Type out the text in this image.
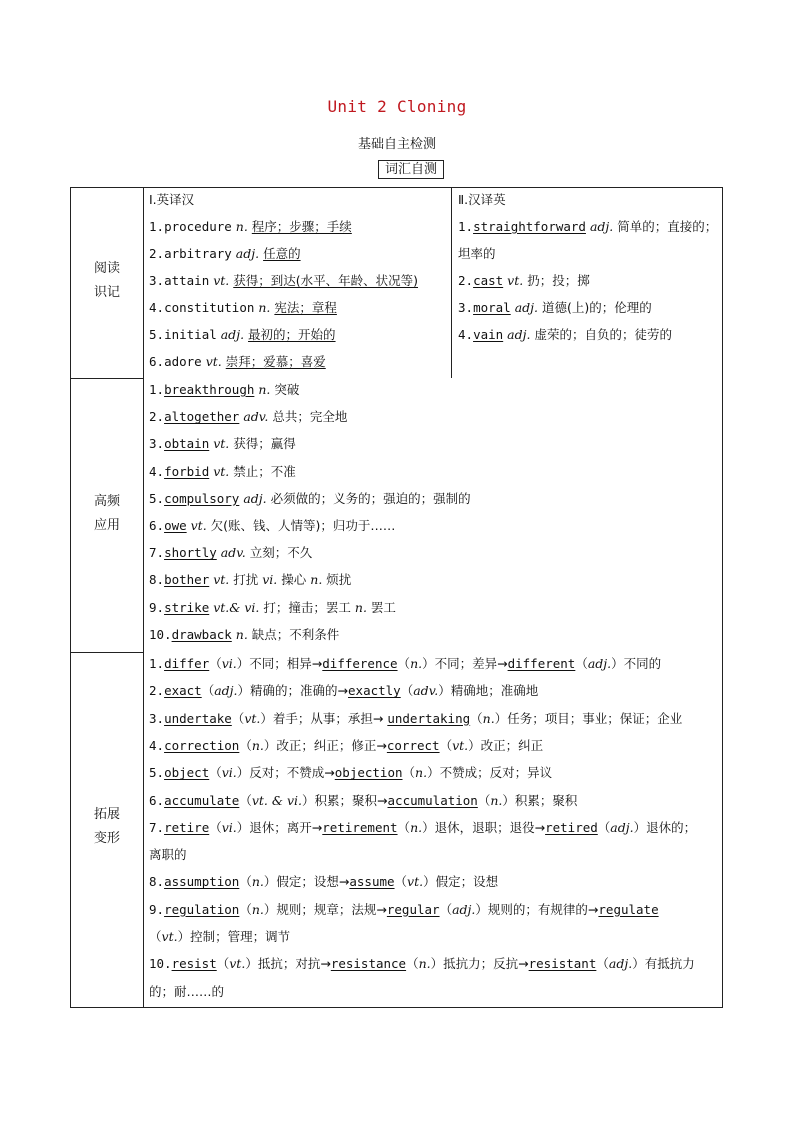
Unit 2 Cloning
基础自主检测
词汇自测
阅读
识记
高频
应用
拓展
变形
Ⅰ.英译汉	Ⅱ.汉译英
1.procedure n. 程序；步骤；手续
2.arbitrary adj. 任意的
3.attain vt. 获得；到达(水平、年龄、状况等)
4.constitution n. 宪法；章程
5.initial adj. 最初的；开始的
6.adore vt. 崇拜；爱慕；喜爱
1.straightforward adj. 简单的；直接的；
坦率的
2.cast vt. 扔；投；掷
3.moral adj. 道德(上)的；伦理的
4.vain adj. 虚荣的；自负的；徒劳的
1.breakthrough n. 突破
2.altogether adv. 总共；完全地
3.obtain vt. 获得；赢得
4.forbid vt. 禁止；不准
5.compulsory adj. 必须做的；义务的；强迫的；强制的
6.owe vt. 欠(账、钱、人情等)；归功于……
7.shortly adv. 立刻；不久
8.bother vt. 打扰 vi. 操心 n. 烦扰
9.strike vt.& vi. 打；撞击；罢工 n. 罢工
10.drawback n. 缺点；不利条件
1.differ（vi.）不同；相异→difference（n.）不同；差异→different（adj.）不同的
2.exact（adj.）精确的；准确的→exactly（adv.）精确地；准确地
3.undertake（vt.）着手；从事；承担→ undertaking（n.）任务；项目；事业；保证；企业
4.correction（n.）改正；纠正；修正→correct（vt.）改正；纠正
5.object（vi.）反对；不赞成→objection（n.）不赞成；反对；异议
6.accumulate（vt. & vi.）积累；聚积→accumulation（n.）积累；聚积
7.retire（vi.）退休；离开→retirement（n.）退休，退职；退役→retired（adj.）退休的；
离职的
8.assumption（n.）假定；设想→assume（vt.）假定；设想
9.regulation（n.）规则；规章；法规→regular（adj.）规则的；有规律的→regulate
（vt.）控制；管理；调节
10.resist（vt.）抵抗；对抗→resistance（n.）抵抗力；反抗→resistant（adj.）有抵抗力
的；耐……的
